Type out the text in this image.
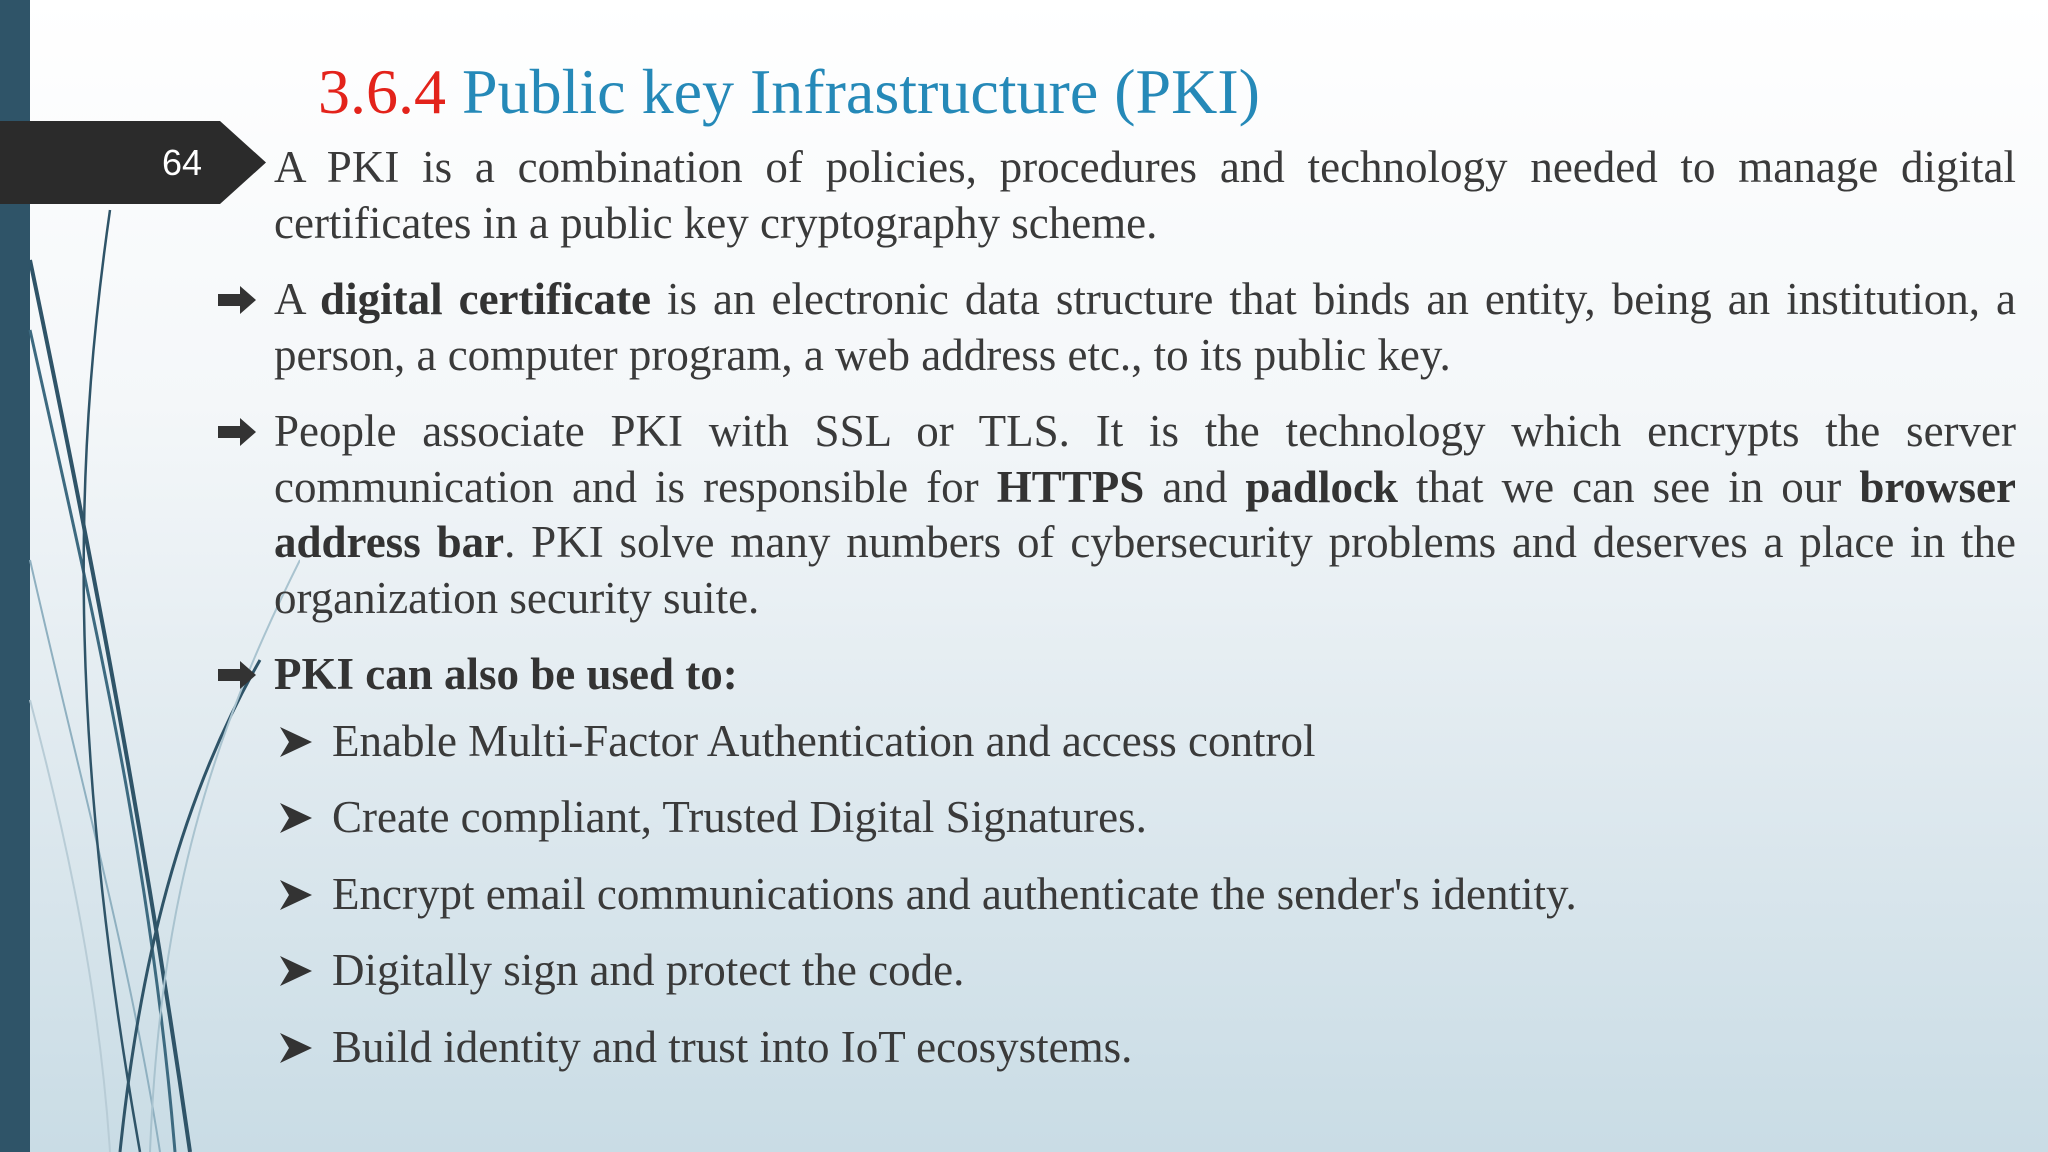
64
3.6.4 Public key Infrastructure (PKI)
A PKI is a combination of policies, procedures and technology needed to manage digital certificates in a public key cryptography scheme.
A digital certificate is an electronic data structure that binds an entity, being an institution, a person, a computer program, a web address etc., to its public key.
People associate PKI with SSL or TLS. It is the technology which encrypts the server communication and is responsible for HTTPS and padlock that we can see in our browser address bar. PKI solve many numbers of cybersecurity problems and deserves a place in the organization security suite.
PKI can also be used to:
Enable Multi-Factor Authentication and access control
Create compliant, Trusted Digital Signatures.
Encrypt email communications and authenticate the sender's identity.
Digitally sign and protect the code.
Build identity and trust into IoT ecosystems.
